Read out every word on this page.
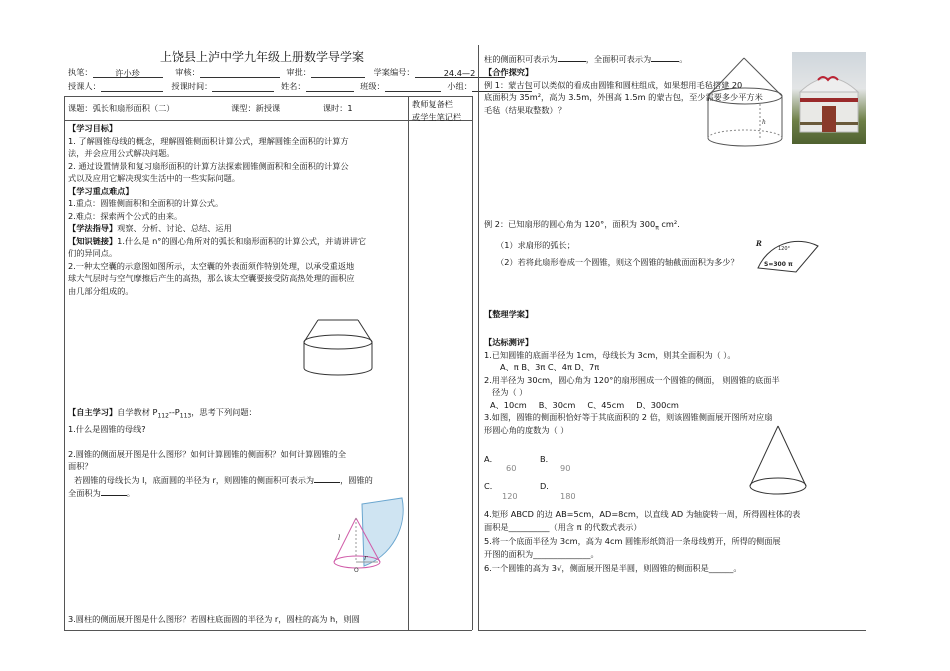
上饶县上泸中学九年级上册数学导学案
执笔：	许小珍	审核：	审批：	学案编号：	24.4—2
授课人：	授课时间：	姓名：	班级：	小组：
课题：弧长和扇形面积（二）	课型：新授课	课时：1	教师复备栏
或学生笔记栏
【学习目标】
1. 了解圆锥母线的概念，理解圆锥侧面积计算公式，理解圆锥全面积的计算方
法，并会应用公式解决问题。
2. 通过设置情景和复习扇形面积的计算方法探索圆锥侧面积和全面积的计算公
式以及应用它解决现实生活中的一些实际问题。
【学习重点难点】
1.重点：圆锥侧面积和全面积的计算公式。
2.难点：探索两个公式的由来。
【学法指导】观察、分析、讨论、总结、运用
【知识链接】1.什么是 n°的圆心角所对的弧长和扇形面积的计算公式，并请讲讲它
们的异同点。
2.一种太空囊的示意图如图所示，太空囊的外表面须作特别处理，以承受重返地
球大气层时与空气摩擦后产生的高热，那么该太空囊要接受防高热处理的面积应
由几部分组成的。
【自主学习】自学教材 $P_{112}--P_{113}$，思考下列问题：
1.什么是圆锥的母线?
2.圆锥的侧面展开图是什么图形？如何计算圆锥的侧面积？如何计算圆锥的全
面积？
若圆锥的母线长为 l，底面圆的半径为 r，则圆锥的侧面积可表示为	，圆锥的
全面积为	。
l
r
O
3.圆柱的侧面展开图是什么图形？若圆柱底面圆的半径为 r，圆柱的高为 h，则圆
柱的侧面积可表示为	，全面积可表示为	。
【合作探究】
例 1：蒙古包可以类似的看成由圆锥和圆柱组成，如果想用毛毡搭建 20
底面积为 35m²，高为 3.5m，外围高 1.5m 的蒙古包，至少需要多少平方米
毛毡（结果取整数）？
h
例 2：已知扇形的圆心角为 120°，面积为 $300_\pi$ cm².
（1）求扇形的弧长；
（2）若将此扇形卷成一个圆锥，则这个圆锥的轴截面面积为多少？
R
120°
S=300 π
【整理学案】
【达标测评】
1.已知圆锥的底面半径为 1cm，母线长为 3cm，则其全面积为（ ）。
A、π B、3π C、4π D、7π
2.用半径为 30cm，圆心角为 120°的扇形围成一个圆锥的侧面， 则圆锥的底面半
径为（ ）
A、10cm B、30cm C、45cm D、300cm
3.如图，圆锥的侧面积恰好等于其底面积的 2 倍，则该圆锥侧面展开图所对应扇
形圆心角的度数为（ ）
A．
60
B．
90
C．
120
D．
180
4.矩形 ABCD 的边 AB=5cm，AD=8cm，以直线 AD 为轴旋转一周，所得圆柱体的表
面积是__________（用含 π 的代数式表示）
5.将一个底面半径为 3cm，高为 4cm 圆锥形纸筒沿一条母线剪开，所得的侧面展
开图的面积为______________。
6.一个圆锥的高为 3√，侧面展开图是半圆，则圆锥的侧面积是______。
